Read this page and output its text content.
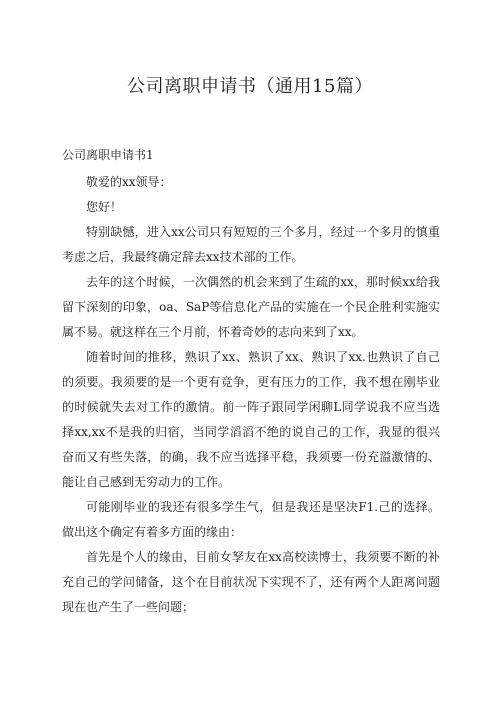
公司离职申请书（通用15篇）
公司离职申请书1

敬爱的xx领导：

您好！

特别缺憾，进入xx公司只有短短的三个多月，经过一个多月的慎重考虑之后，我最终确定辞去xx技术部的工作。

去年的这个时候，一次偶然的机会来到了生疏的xx，那时候xx给我留下深刻的印象，oa、SaP等信息化产品的实施在一个民企胜利实施实属不易。就这样在三个月前，怀着奇妙的志向来到了xx。

随着时间的推移，熟识了xx、熟识了xx、熟识了xx.也熟识了自己的须要。我须要的是一个更有竞争，更有压力的工作，我不想在刚毕业的时候就失去对工作的激情。前一阵子跟同学闲聊L同学说我不应当选择xx,xx不是我的归宿，当同学滔滔不绝的说自己的工作，我显的很兴奋而又有些失落，的确，我不应当选择平稳，我须要一份充溢激情的、能让自己感到无穷动力的工作。

可能刚毕业的我还有很多学生气，但是我还是坚决F1.己的选择。做出这个确定有着多方面的缘由：

首先是个人的缘由，目前女孥友在xx高校读博士，我须要不断的补充自己的学问储备，这个在目前状况下实现不了，还有两个人距离问题现在也产生了一些问题；
